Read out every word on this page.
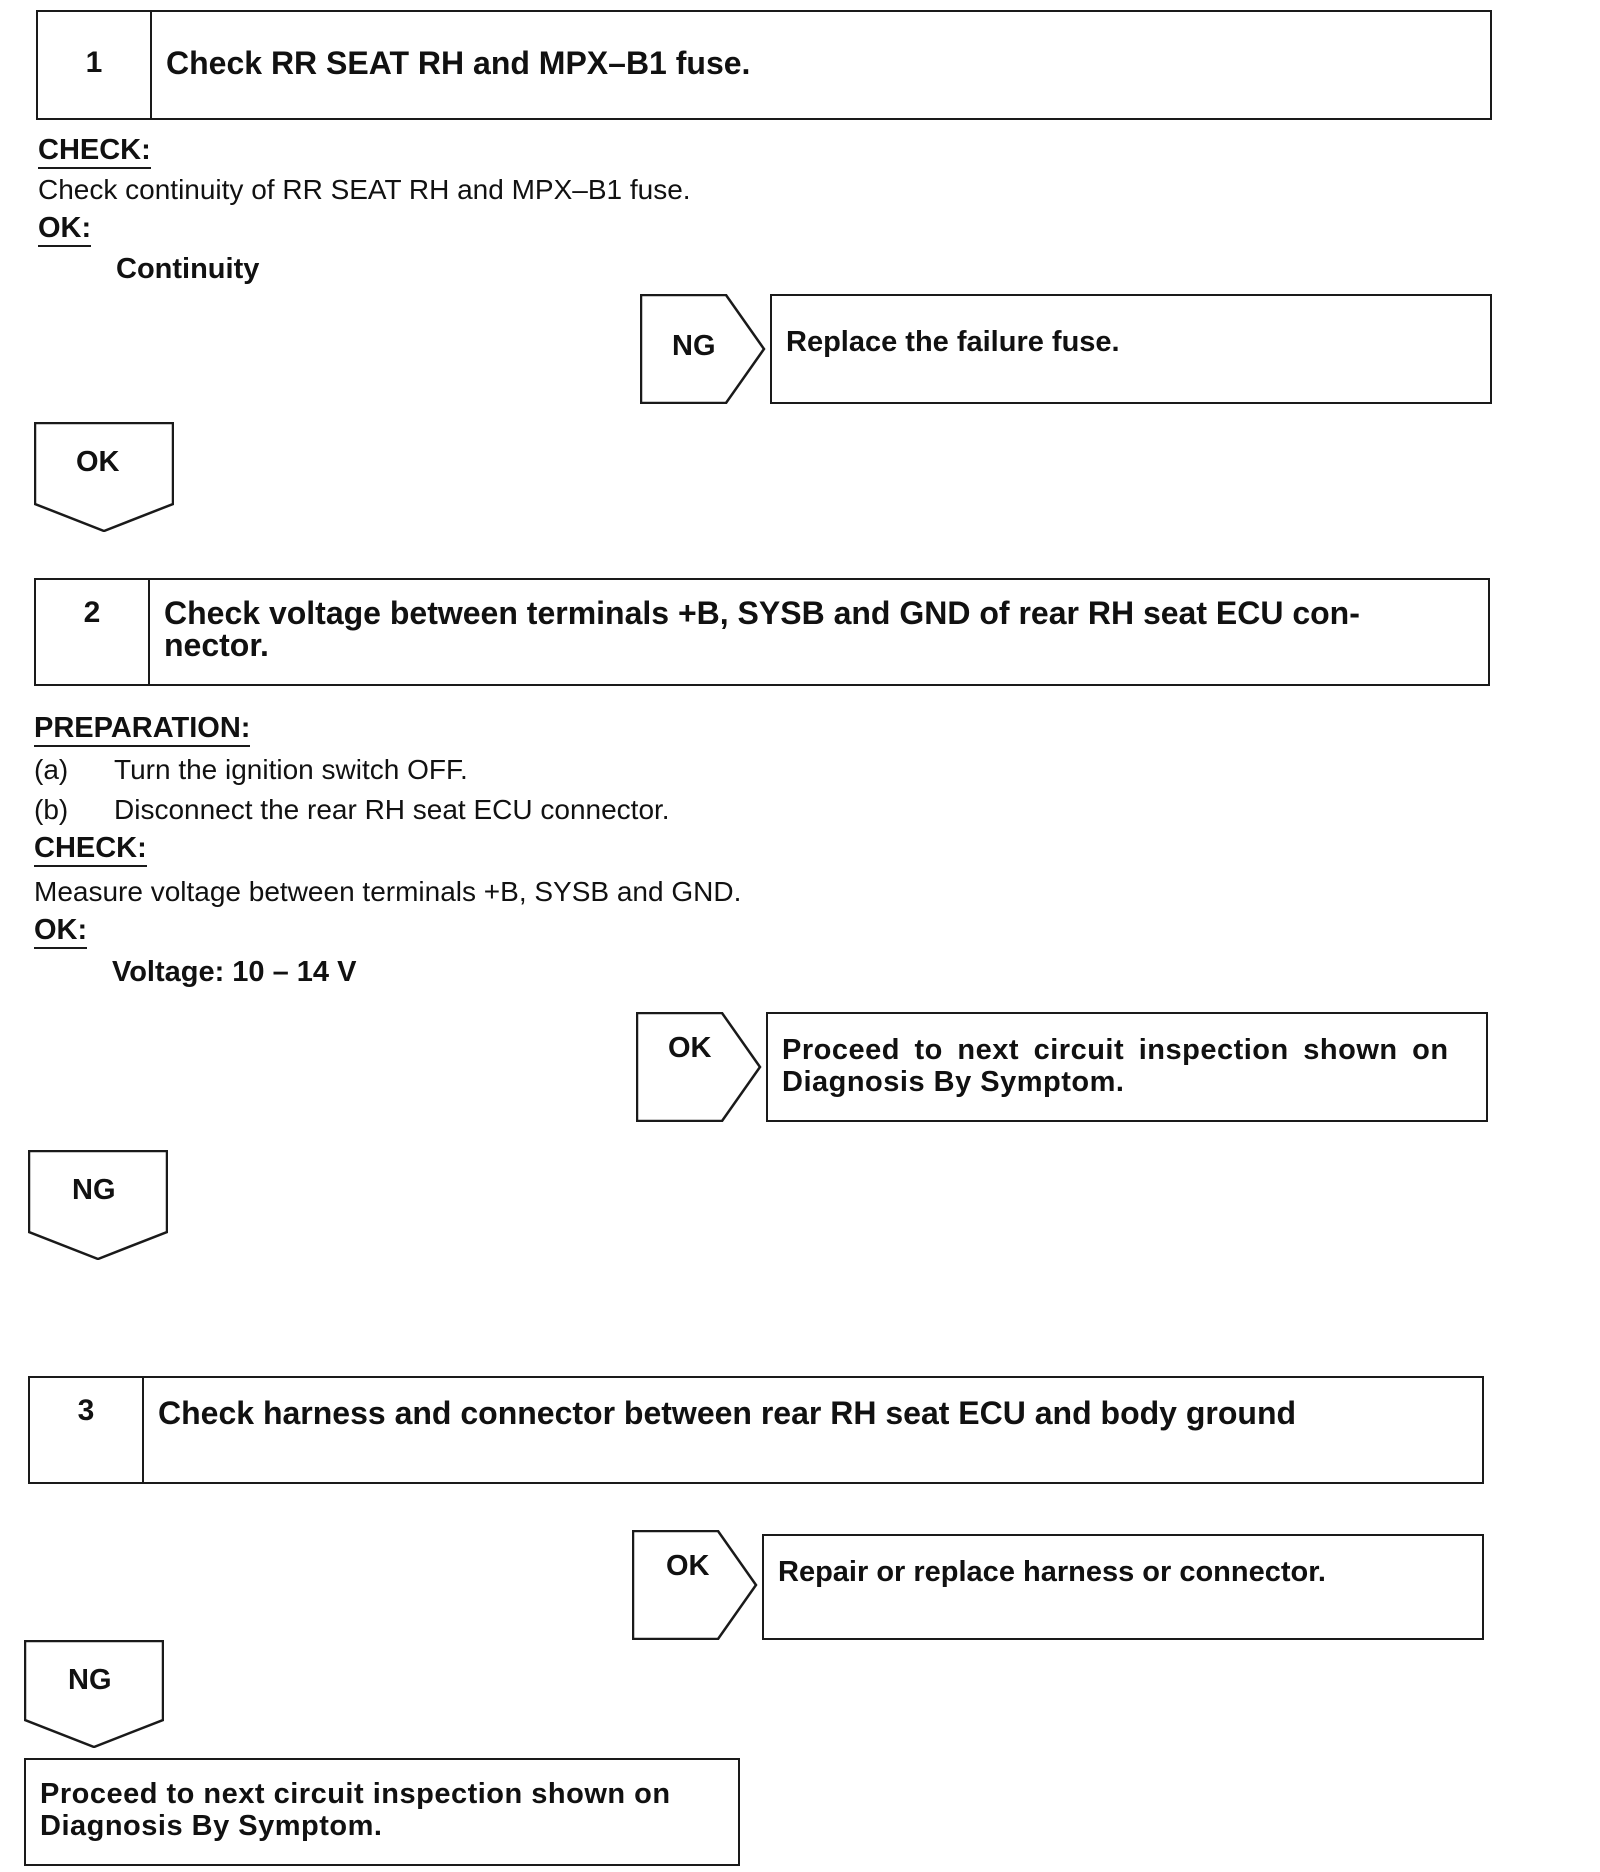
1	Check RR SEAT RH and MPX–B1 fuse.
CHECK:
Check continuity of RR SEAT RH and MPX–B1 fuse.
OK:
Continuity
NG	Replace the failure fuse.
OK
2	Check voltage between terminals +B, SYSB and GND of rear RH seat ECU con-
nector.
PREPARATION:
(a) Turn the ignition switch OFF.
(b) Disconnect the rear RH seat ECU connector.
CHECK:
Measure voltage between terminals +B, SYSB and GND.
OK:
Voltage: 10 – 14 V
OK Proceed to next circuit inspection shown on
Diagnosis By Symptom.
NG
3	Check harness and connector between rear RH seat ECU and body ground
OK	Repair or replace harness or connector.
NG
Proceed to next circuit inspection shown on
Diagnosis By Symptom.
